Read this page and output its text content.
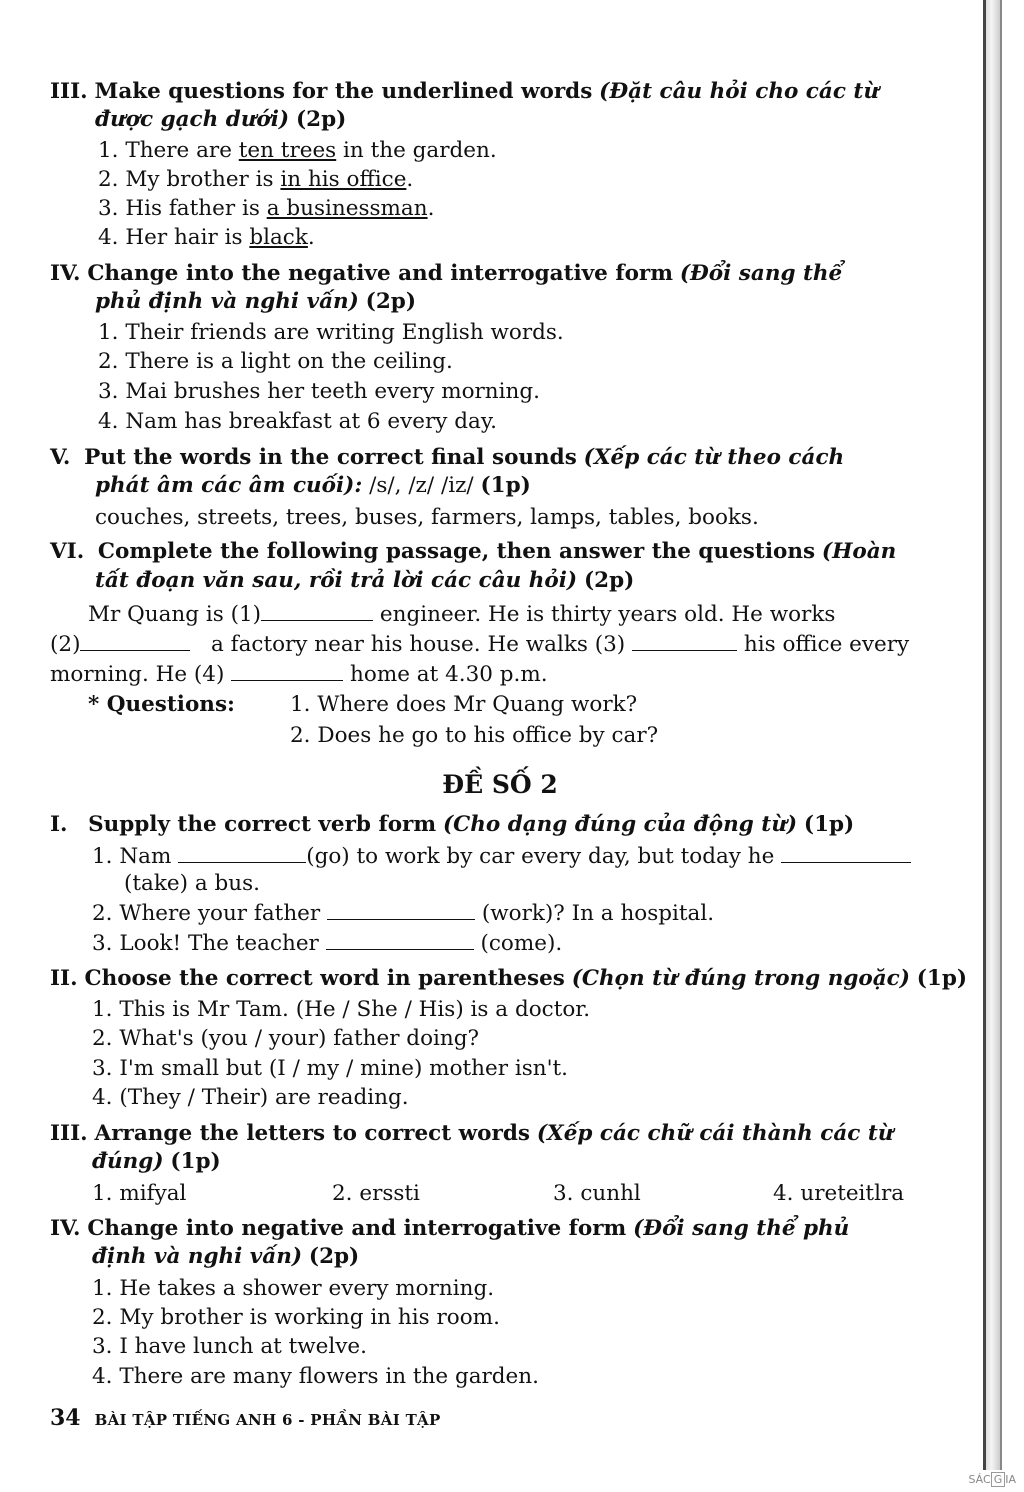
III. Make questions for the underlined words (Đặt câu hỏi cho các từ
được gạch dưới) (2p)
1. There are ten trees in the garden.
2. My brother is in his office.
3. His father is a businessman.
4. Her hair is black.
IV. Change into the negative and interrogative form (Đổi sang thể
phủ định và nghi vấn) (2p)
1. Their friends are writing English words.
2. There is a light on the ceiling.
3. Mai brushes her teeth every morning.
4. Nam has breakfast at 6 every day.
V. Put the words in the correct final sounds (Xếp các từ theo cách
phát âm các âm cuối): /s/, /z/ /iz/ (1p)
couches, streets, trees, buses, farmers, lamps, tables, books.
VI. Complete the following passage, then answer the questions (Hoàn
tất đoạn văn sau, rồi trả lời các câu hỏi) (2p)
Mr Quang is (1)	engineer. He is thirty years old. He works
(2)	a factory near his house. He walks (3)	his office every
morning. He (4)	home at 4.30 p.m.
* Questions:	1. Where does Mr Quang work?
2. Does he go to his office by car?
ĐỀ SỐ 2
I. Supply the correct verb form (Cho dạng đúng của động từ) (1p)
1. Nam	(go) to work by car every day, but today he
(take) a bus.
2. Where your father	(work)? In a hospital.
3. Look! The teacher	(come).
II. Choose the correct word in parentheses (Chọn từ đúng trong ngoặc) (1p)
1. This is Mr Tam. (He / She / His) is a doctor.
2. What's (you / your) father doing?
3. I'm small but (I / my / mine) mother isn't.
4. (They / Their) are reading.
III. Arrange the letters to correct words (Xếp các chữ cái thành các từ
đúng) (1p)
1. mifyal	2. erssti	3. cunhl	4. ureteitlra
IV. Change into negative and interrogative form (Đổi sang thể phủ
định và nghi vấn) (2p)
1. He takes a shower every morning.
2. My brother is working in his room.
3. I have lunch at twelve.
4. There are many flowers in the garden.
34 BÀI TẬP TIẾNG ANH 6 - PHẦN BÀI TẬP
SÁC G IA
